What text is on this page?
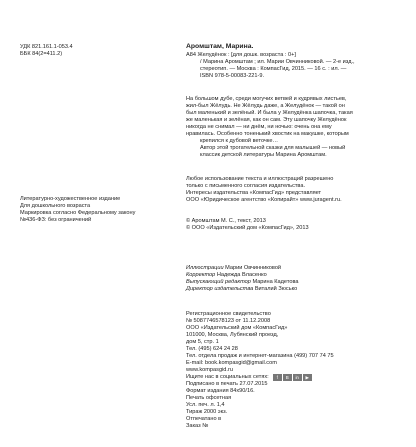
УДК 821.161.1-053.4
ББК 84(2=411.2)
Литературно-художественное издание
Для дошкольного возраста
Маркировка согласно Федеральному закону
№436-ФЗ: без ограничений
Аромштам, Марина.
А84 Желудёнок : [для дошк. возраста : 0+]
/ Марина Аромштам ; ил. Марии Овчинниковой. — 2-е изд.,
стереотип. — Москва : КомпасГид, 2015. — 16 с. : ил. —
ISBN 978-5-00083-221-9.
На большом дубе, среди могучих ветвей и кудрявых листьев,
жил-был Жёлудь. Не Жёлудь даже, а Желудёнок — такой он
был маленький и зелёный. И была у Желудёнка шапочка, такая
же маленькая и зелёная, как он сам. Эту шапочку Желудёнок
никогда не снимал — ни днём, ни ночью: очень она ему
нравилась. Особенно тоненький хвостик на макушке, которым
крепился к дубовой веточке…
Автор этой трогательной сказки для малышей — новый
классик детской литературы Марина Аромштам.
Любое использование текста и иллюстраций разрешено
только с письменного согласия издательства.
Интересы издательства «КомпасГид» представляет
ООО «Юридическое агентство «Копирайт» www.juragent.ru.
© Аромштам М. С., текст, 2013
© ООО «Издательский дом «КомпасГид», 2013
Иллюстрации Марии Овчинниковой
Корректор Надежда Власенко
Выпускающий редактор Марина Кадетова
Директор издательства Виталий Зюсько
Регистрационное свидетельство
№ 5087746578123 от 11.12.2008
ООО «Издательский дом «КомпасГид»
101000, Москва, Лубянский проезд,
дом 5, стр. 1
Тел. (495) 624 24 28
Тел. отдела продаж и интернет-магазина (499) 707 74 75
E-mail: book.kompasgid@gmail.com
www.kompasgid.ru
Ищите нас в социальных сетях:	f	B	in	▶
Подписано в печать 27.07.2015
Формат издания 84х90/16.
Печать офсетная
Усл. печ. л. 1,4
Тираж 2000 экз.
Отпечатано в
Заказ №
